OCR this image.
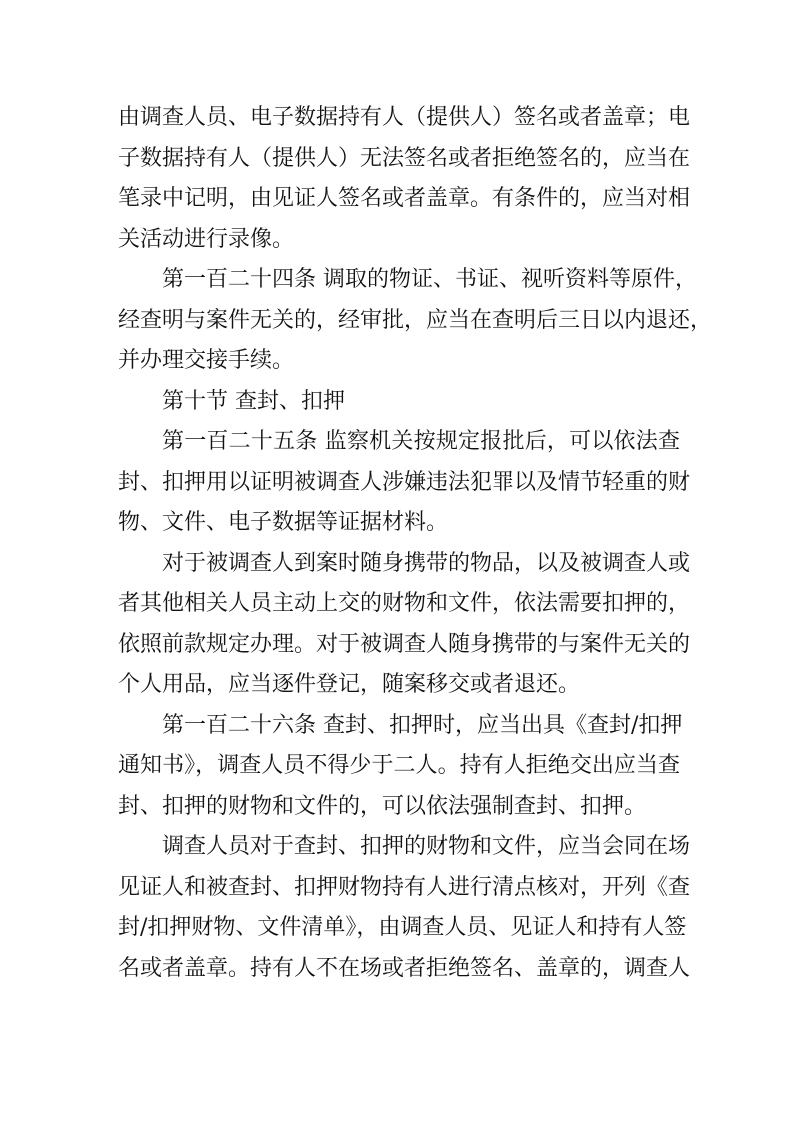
由调查人员、电子数据持有人（提供人）签名或者盖章；电
子数据持有人（提供人）无法签名或者拒绝签名的，应当在
笔录中记明，由见证人签名或者盖章。有条件的，应当对相
关活动进行录像。
第一百二十四条 调取的物证、书证、视听资料等原件，
经查明与案件无关的，经审批，应当在查明后三日以内退还，
并办理交接手续。
第十节 查封、扣押
第一百二十五条 监察机关按规定报批后，可以依法查
封、扣押用以证明被调查人涉嫌违法犯罪以及情节轻重的财
物、文件、电子数据等证据材料。
对于被调查人到案时随身携带的物品，以及被调查人或
者其他相关人员主动上交的财物和文件，依法需要扣押的，
依照前款规定办理。对于被调查人随身携带的与案件无关的
个人用品，应当逐件登记，随案移交或者退还。
第一百二十六条 查封、扣押时，应当出具《查封/扣押
通知书》，调查人员不得少于二人。持有人拒绝交出应当查
封、扣押的财物和文件的，可以依法强制查封、扣押。
调查人员对于查封、扣押的财物和文件，应当会同在场
见证人和被查封、扣押财物持有人进行清点核对，开列《查
封/扣押财物、文件清单》，由调查人员、见证人和持有人签
名或者盖章。持有人不在场或者拒绝签名、盖章的，调查人
